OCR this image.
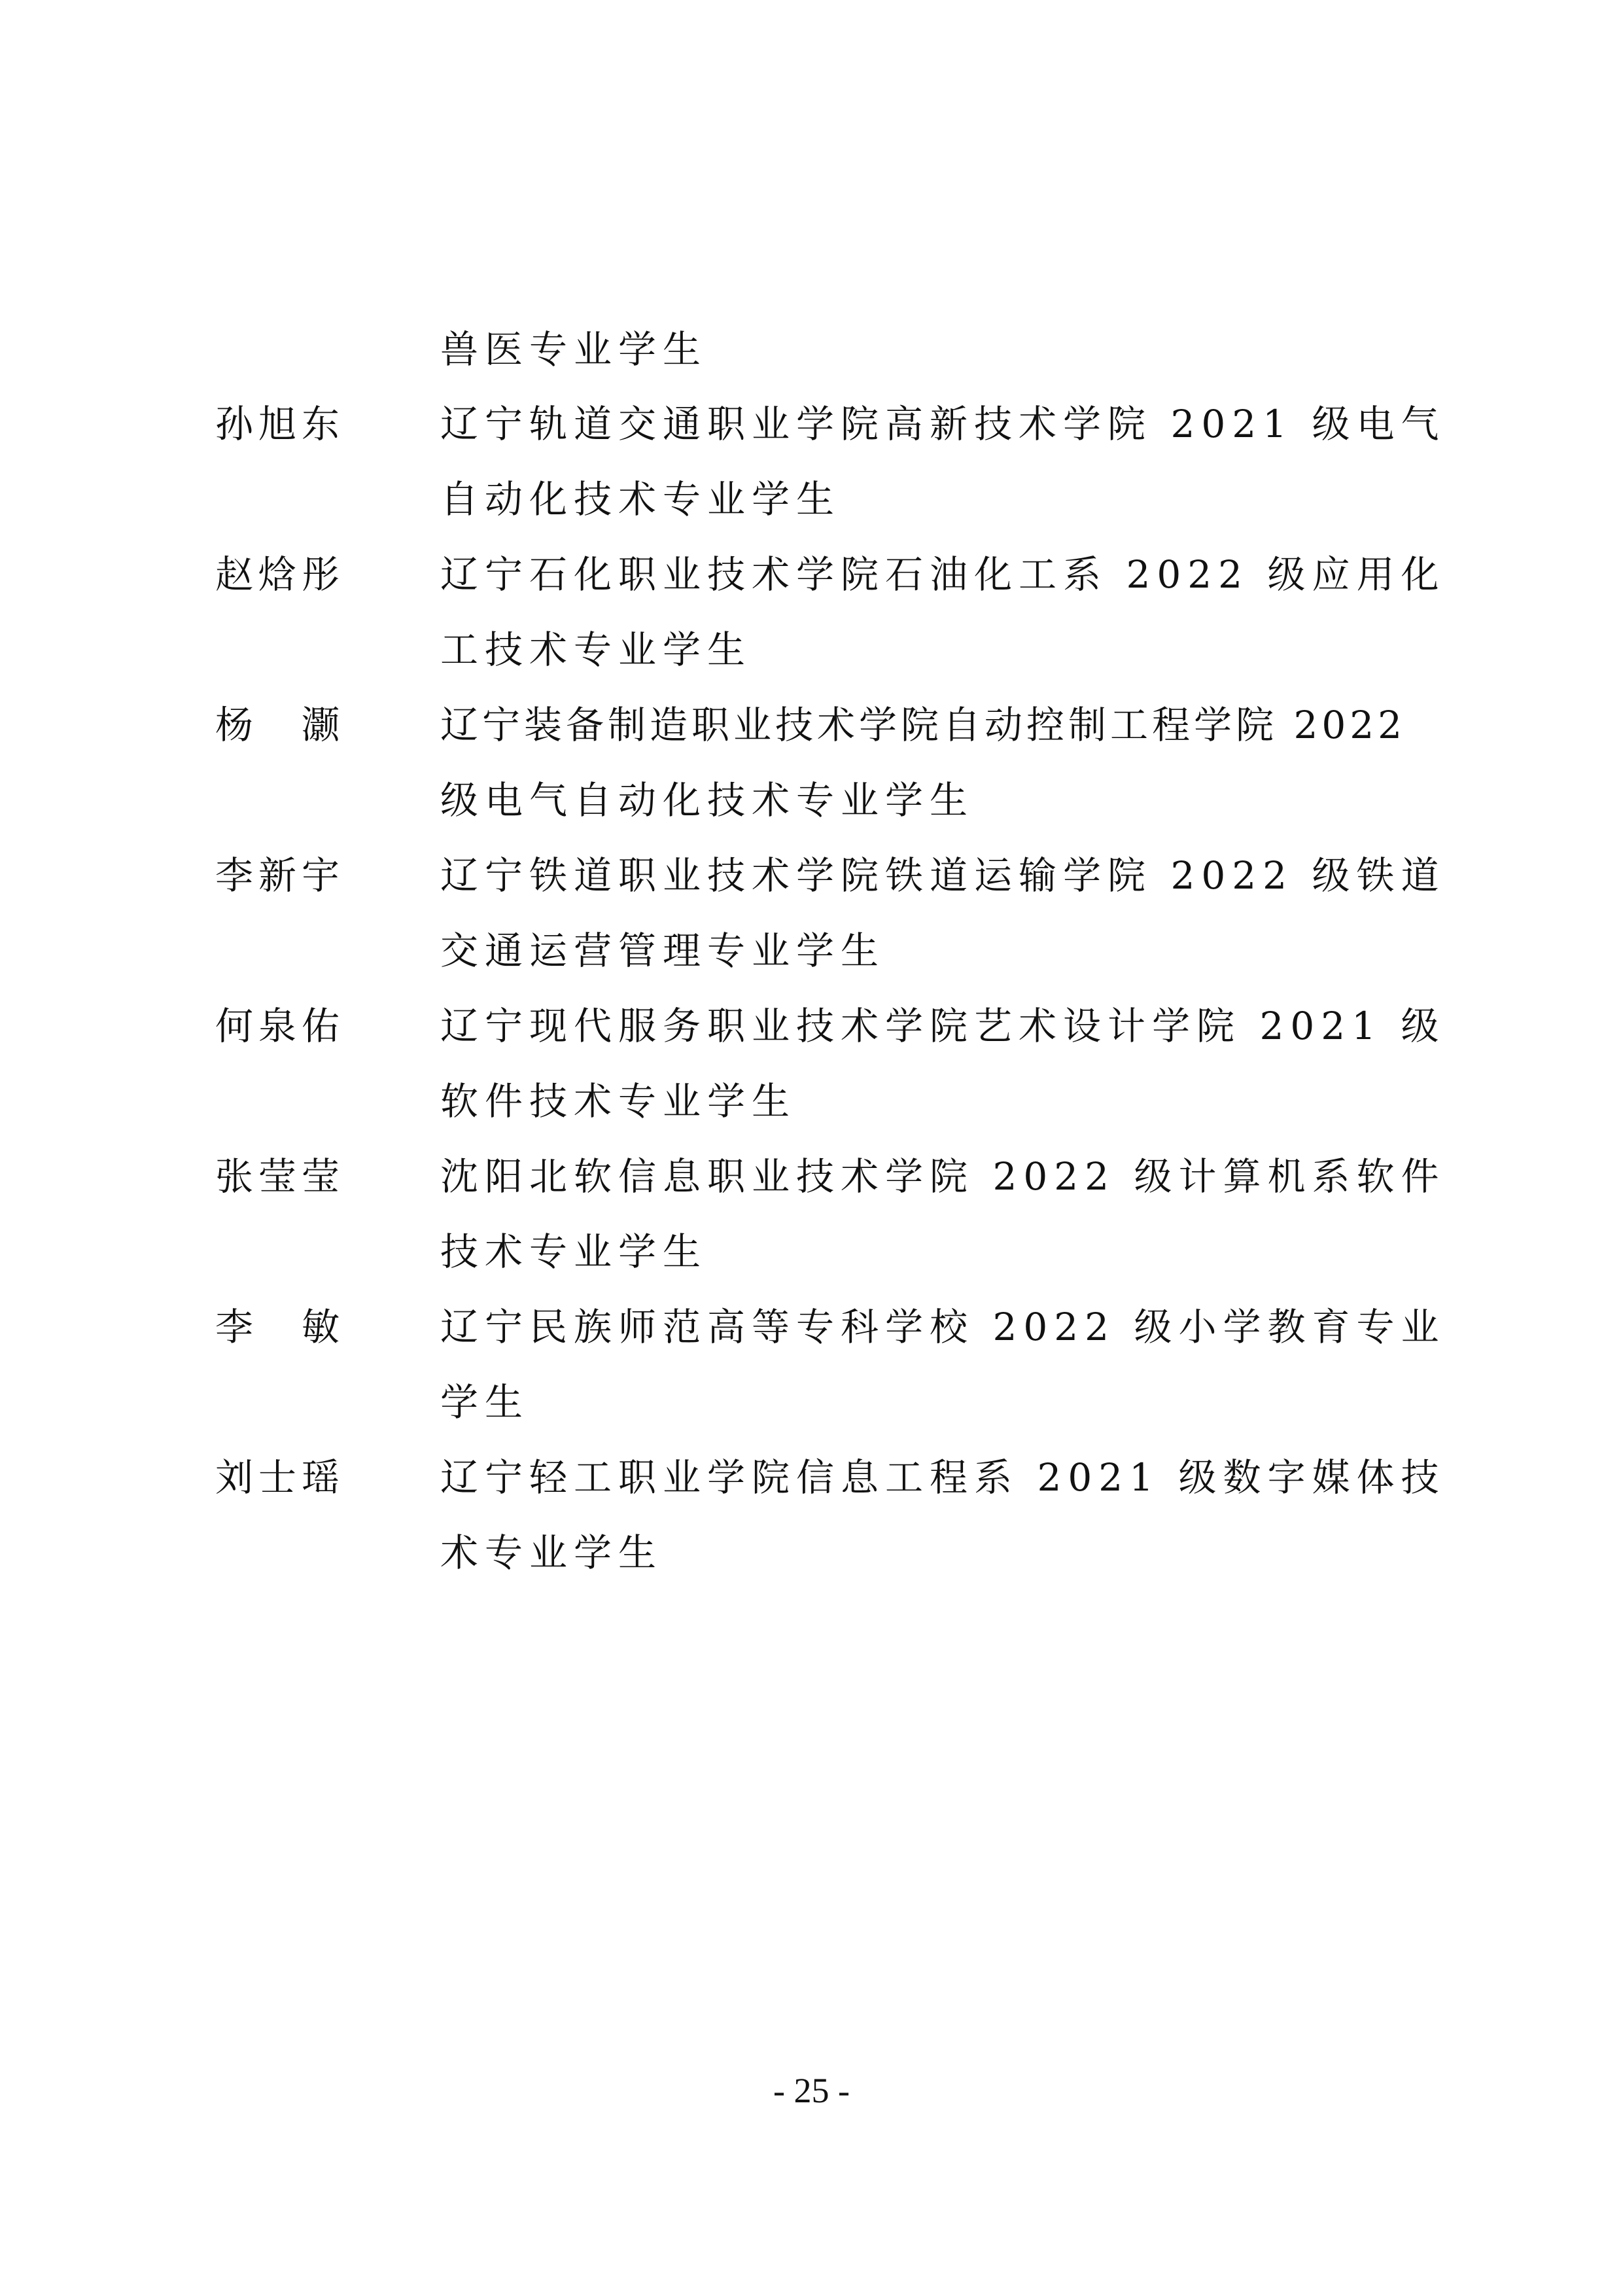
兽医专业学生
孙 旭 东	辽宁轨道交通职业学院高新技术学院 2021 级电气
自动化技术专业学生
赵 焓 彤	辽宁石化职业技术学院石油化工系 2022 级应用化
工技术专业学生
杨 灏	辽宁装备制造职业技术学院自动控制工程学院 2022
级电气自动化技术专业学生
李 新 宇	辽宁铁道职业技术学院铁道运输学院 2022 级铁道
交通运营管理专业学生
何 泉 佑	辽宁现代服务职业技术学院艺术设计学院 2021 级
软件技术专业学生
张 莹 莹	沈阳北软信息职业技术学院 2022 级计算机系软件
技术专业学生
李 敏	辽宁民族师范高等专科学校 2022 级小学教育专业
学生
刘 士 瑶	辽宁轻工职业学院信息工程系 2021 级数字媒体技
术专业学生
- 25 -
